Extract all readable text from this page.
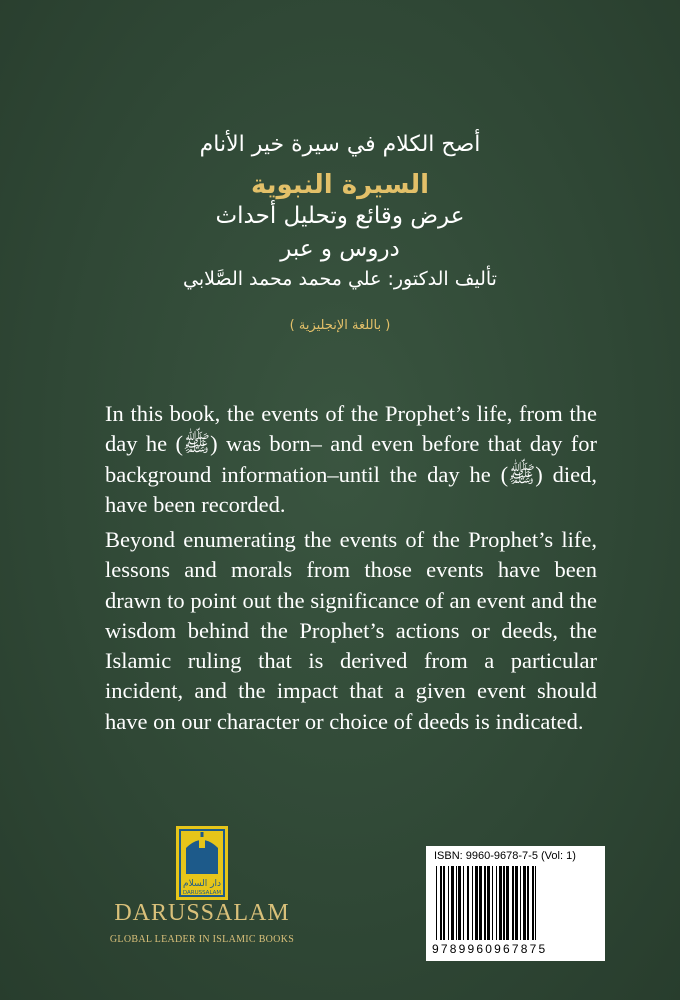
أصح الكلام في سيرة خير الأنام
السيرة النبوية
عرض وقائع وتحليل أحداث
دروس و عبر
تأليف الدكتور: علي محمد محمد الصَّلابي
( باللغة الإنجليزية )

In this book, the events of the Prophet’s life, from the day he (ﷺ) was born– and even before that day for background information–until the day he (ﷺ) died, have been recorded.

Beyond enumerating the events of the Prophet’s life, lessons and morals from those events have been drawn to point out the significance of an event and the wisdom behind the Prophet’s actions or deeds, the Islamic ruling that is derived from a particular incident, and the impact that a given event should have on our character or choice of deeds is indicated.

دار السلام
DARUSSALAM
DARUSSALAM
GLOBAL LEADER IN ISLAMIC BOOKS
ISBN: 9960-9678-7-5 (Vol: 1)
9789960967875
